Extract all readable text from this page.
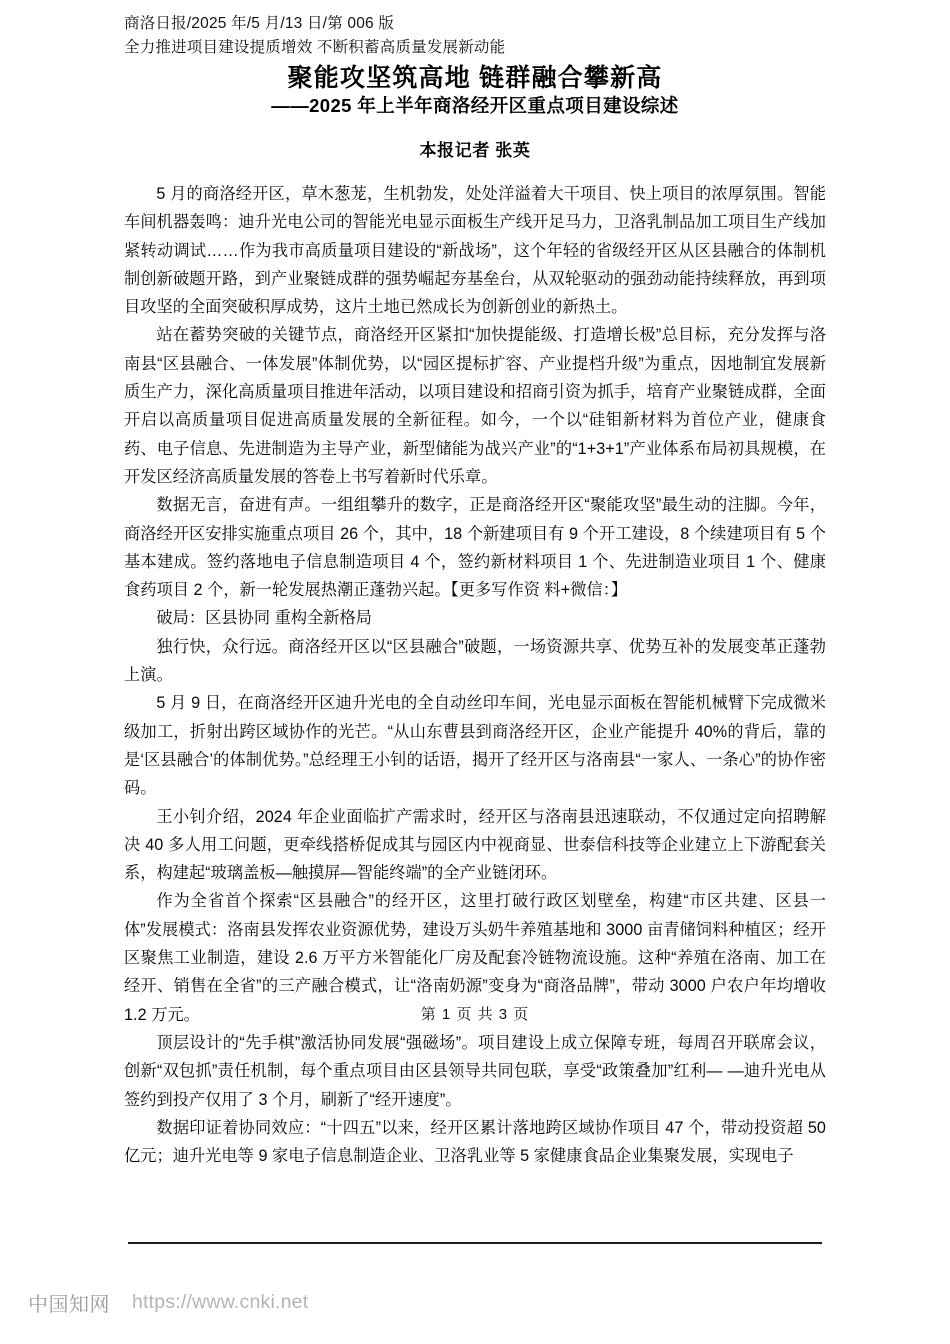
商洛日报/2025 年/5 月/13 日/第 006 版
全力推进项目建设提质增效 不断积蓄高质量发展新动能
聚能攻坚筑高地 链群融合攀新高
——2025 年上半年商洛经开区重点项目建设综述
本报记者 张英

5 月的商洛经开区，草木葱茏，生机勃发，处处洋溢着大干项目、快上项目的浓厚氛围。智能车间机器轰鸣：迪升光电公司的智能光电显示面板生产线开足马力，卫洛乳制品加工项目生产线加紧转动调试……作为我市高质量项目建设的“新战场”，这个年轻的省级经开区从区县融合的体制机制创新破题开路，到产业聚链成群的强势崛起夯基垒台，从双轮驱动的强劲动能持续释放，再到项目攻坚的全面突破积厚成势，这片土地已然成长为创新创业的新热土。

站在蓄势突破的关键节点，商洛经开区紧扣“加快提能级、打造增长极”总目标，充分发挥与洛南县“区县融合、一体发展”体制优势，以“园区提标扩容、产业提档升级”为重点，因地制宜发展新质生产力，深化高质量项目推进年活动，以项目建设和招商引资为抓手，培育产业聚链成群，全面开启以高质量项目促进高质量发展的全新征程。如今，一个以“硅钼新材料为首位产业，健康食药、电子信息、先进制造为主导产业，新型储能为战兴产业”的“1+3+1”产业体系布局初具规模，在开发区经济高质量发展的答卷上书写着新时代乐章。

数据无言，奋进有声。一组组攀升的数字，正是商洛经开区“聚能攻坚”最生动的注脚。今年，商洛经开区安排实施重点项目 26 个，其中，18 个新建项目有 9 个开工建设，8 个续建项目有 5 个基本建成。签约落地电子信息制造项目 4 个，签约新材料项目 1 个、先进制造业项目 1 个、健康食药项目 2 个，新一轮发展热潮正蓬勃兴起。【更多写作资 料+微信：】

破局：区县协同 重构全新格局

独行快，众行远。商洛经开区以“区县融合”破题，一场资源共享、优势互补的发展变革正蓬勃上演。

5 月 9 日，在商洛经开区迪升光电的全自动丝印车间，光电显示面板在智能机械臂下完成微米级加工，折射出跨区域协作的光芒。“从山东曹县到商洛经开区，企业产能提升 40%的背后，靠的是‘区县融合’的体制优势。”总经理王小钊的话语，揭开了经开区与洛南县“一家人、一条心”的协作密码。

王小钊介绍，2024 年企业面临扩产需求时，经开区与洛南县迅速联动，不仅通过定向招聘解决 40 多人用工问题，更牵线搭桥促成其与园区内中视商显、世泰信科技等企业建立上下游配套关系，构建起“玻璃盖板—触摸屏—智能终端”的全产业链闭环。

作为全省首个探索“区县融合”的经开区，这里打破行政区划壁垒，构建“市区共建、区县一体”发展模式：洛南县发挥农业资源优势，建设万头奶牛养殖基地和 3000 亩青储饲料种植区；经开区聚焦工业制造，建设 2.6 万平方米智能化厂房及配套冷链物流设施。这种“养殖在洛南、加工在经开、销售在全省”的三产融合模式，让“洛南奶源”变身为“商洛品牌”，带动 3000 户农户年均增收 1.2 万元。

顶层设计的“先手棋”激活协同发展“强磁场”。项目建设上成立保障专班，每周召开联席会议，创新“双包抓”责任机制，每个重点项目由区县领导共同包联，享受“政策叠加”红利— —迪升光电从签约到投产仅用了 3 个月，刷新了“经开速度”。

数据印证着协同效应：“十四五”以来，经开区累计落地跨区域协作项目 47 个，带动投资超 50 亿元；迪升光电等 9 家电子信息制造企业、卫洛乳业等 5 家健康食品企业集聚发展，实现电子

第 1 页 共 3 页
中国知网 https://www.cnki.net
